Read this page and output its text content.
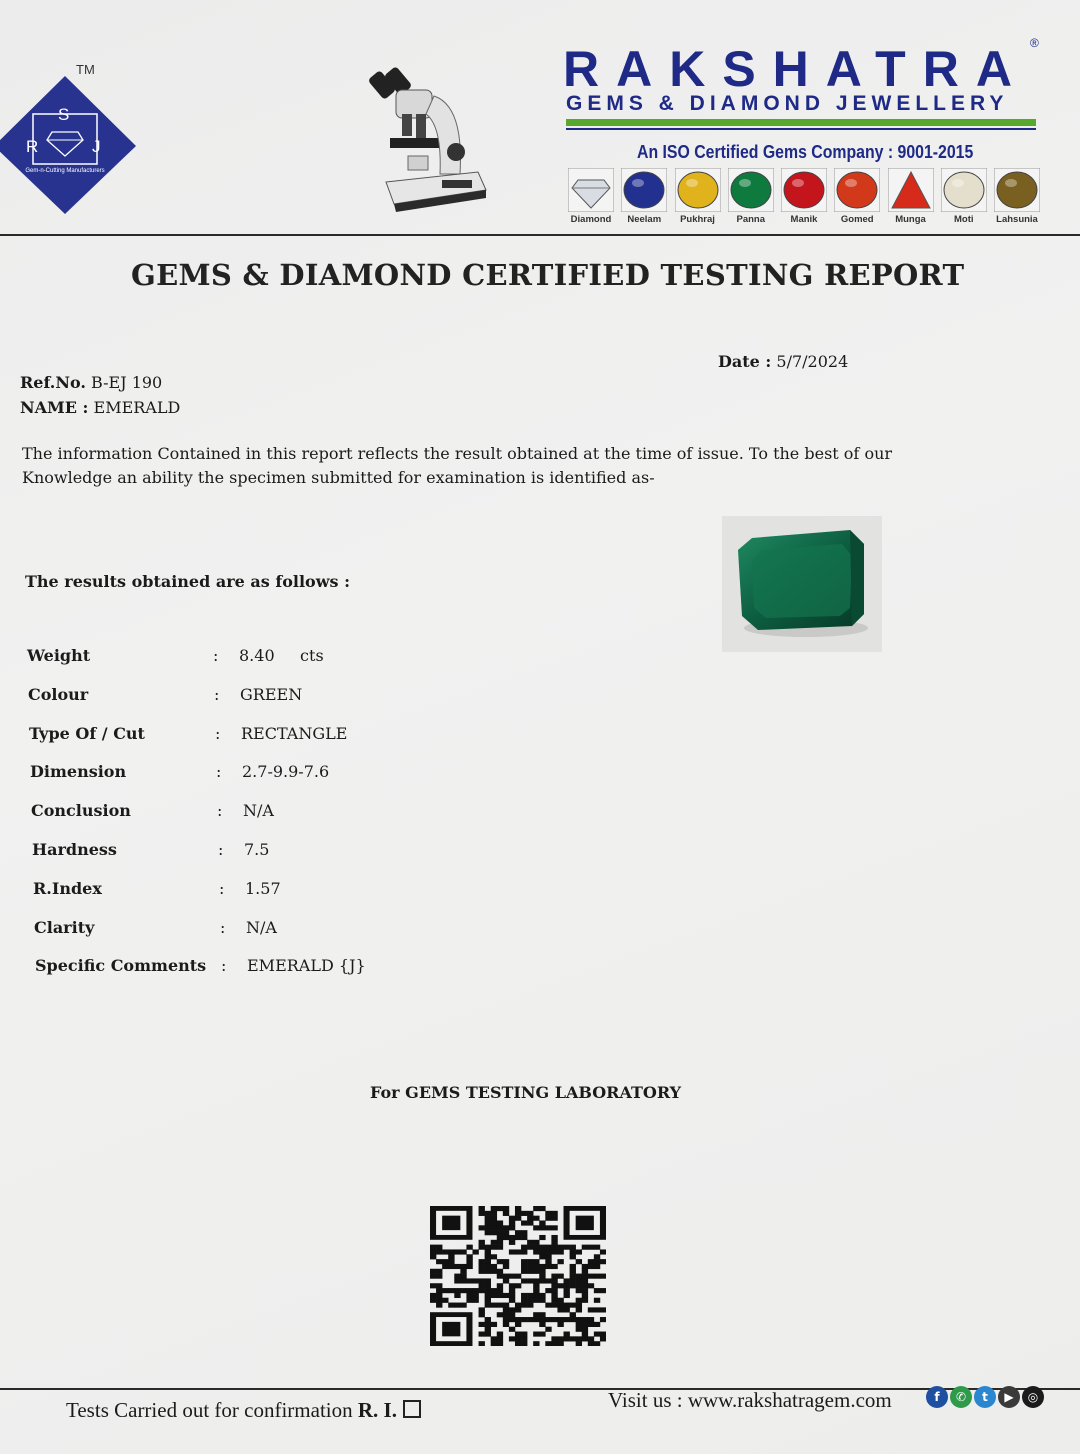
TM
S
R	J
Gem-n-Cutting Manufacturers
RAKSHATRA ®
GEMS & DIAMOND JEWELLERY
An ISO Certified Gems Company : 9001-2015
Diamond Neelam Pukhraj Panna	Manik Gomed Munga	Moti Lahsunia
GEMS & DIAMOND CERTIFIED TESTING REPORT
Date : 5/7/2024
Ref.No. B-EJ 190
NAME : EMERALD
The information Contained in this report reflects the result obtained at the time of issue. To the best of our Knowledge an ability the specimen submitted for examination is identified as-
The results obtained are as follows :
Weight	:	8.40     cts
Colour	:	GREEN
Type Of / Cut	:	RECTANGLE
Dimension	:	2.7-9.9-7.6
Conclusion	:	N/A
Hardness	:	7.5
R.Index	:	1.57
Clarity	:	N/A
Specific Comments :	EMERALD {J}
For GEMS TESTING LABORATORY
Tests Carried out for confirmation R. I.	Visit us : www.rakshatragem.com	f	✆	t	▶	◎
